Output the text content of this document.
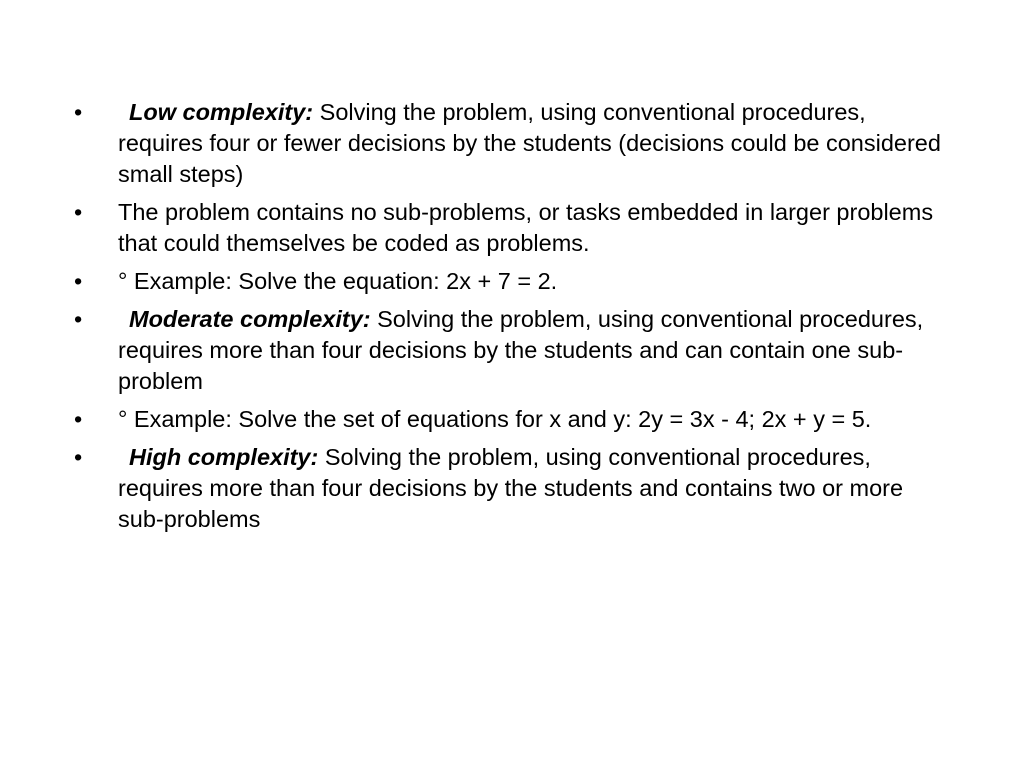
•	Low complexity: Solving the problem, using conventional procedures, requires four or fewer decisions by the students (decisions could be considered small steps)
•	The problem contains no sub-problems, or tasks embedded in larger problems that could themselves be coded as problems.
•	° Example: Solve the equation: 2x + 7 = 2.
•	Moderate complexity: Solving the problem, using conventional procedures, requires more than four decisions by the students and can contain one sub-problem
•	° Example: Solve the set of equations for x and y: 2y = 3x - 4; 2x + y = 5.
•	High complexity: Solving the problem, using conventional procedures, requires more than four decisions by the students and contains two or more sub-problems
